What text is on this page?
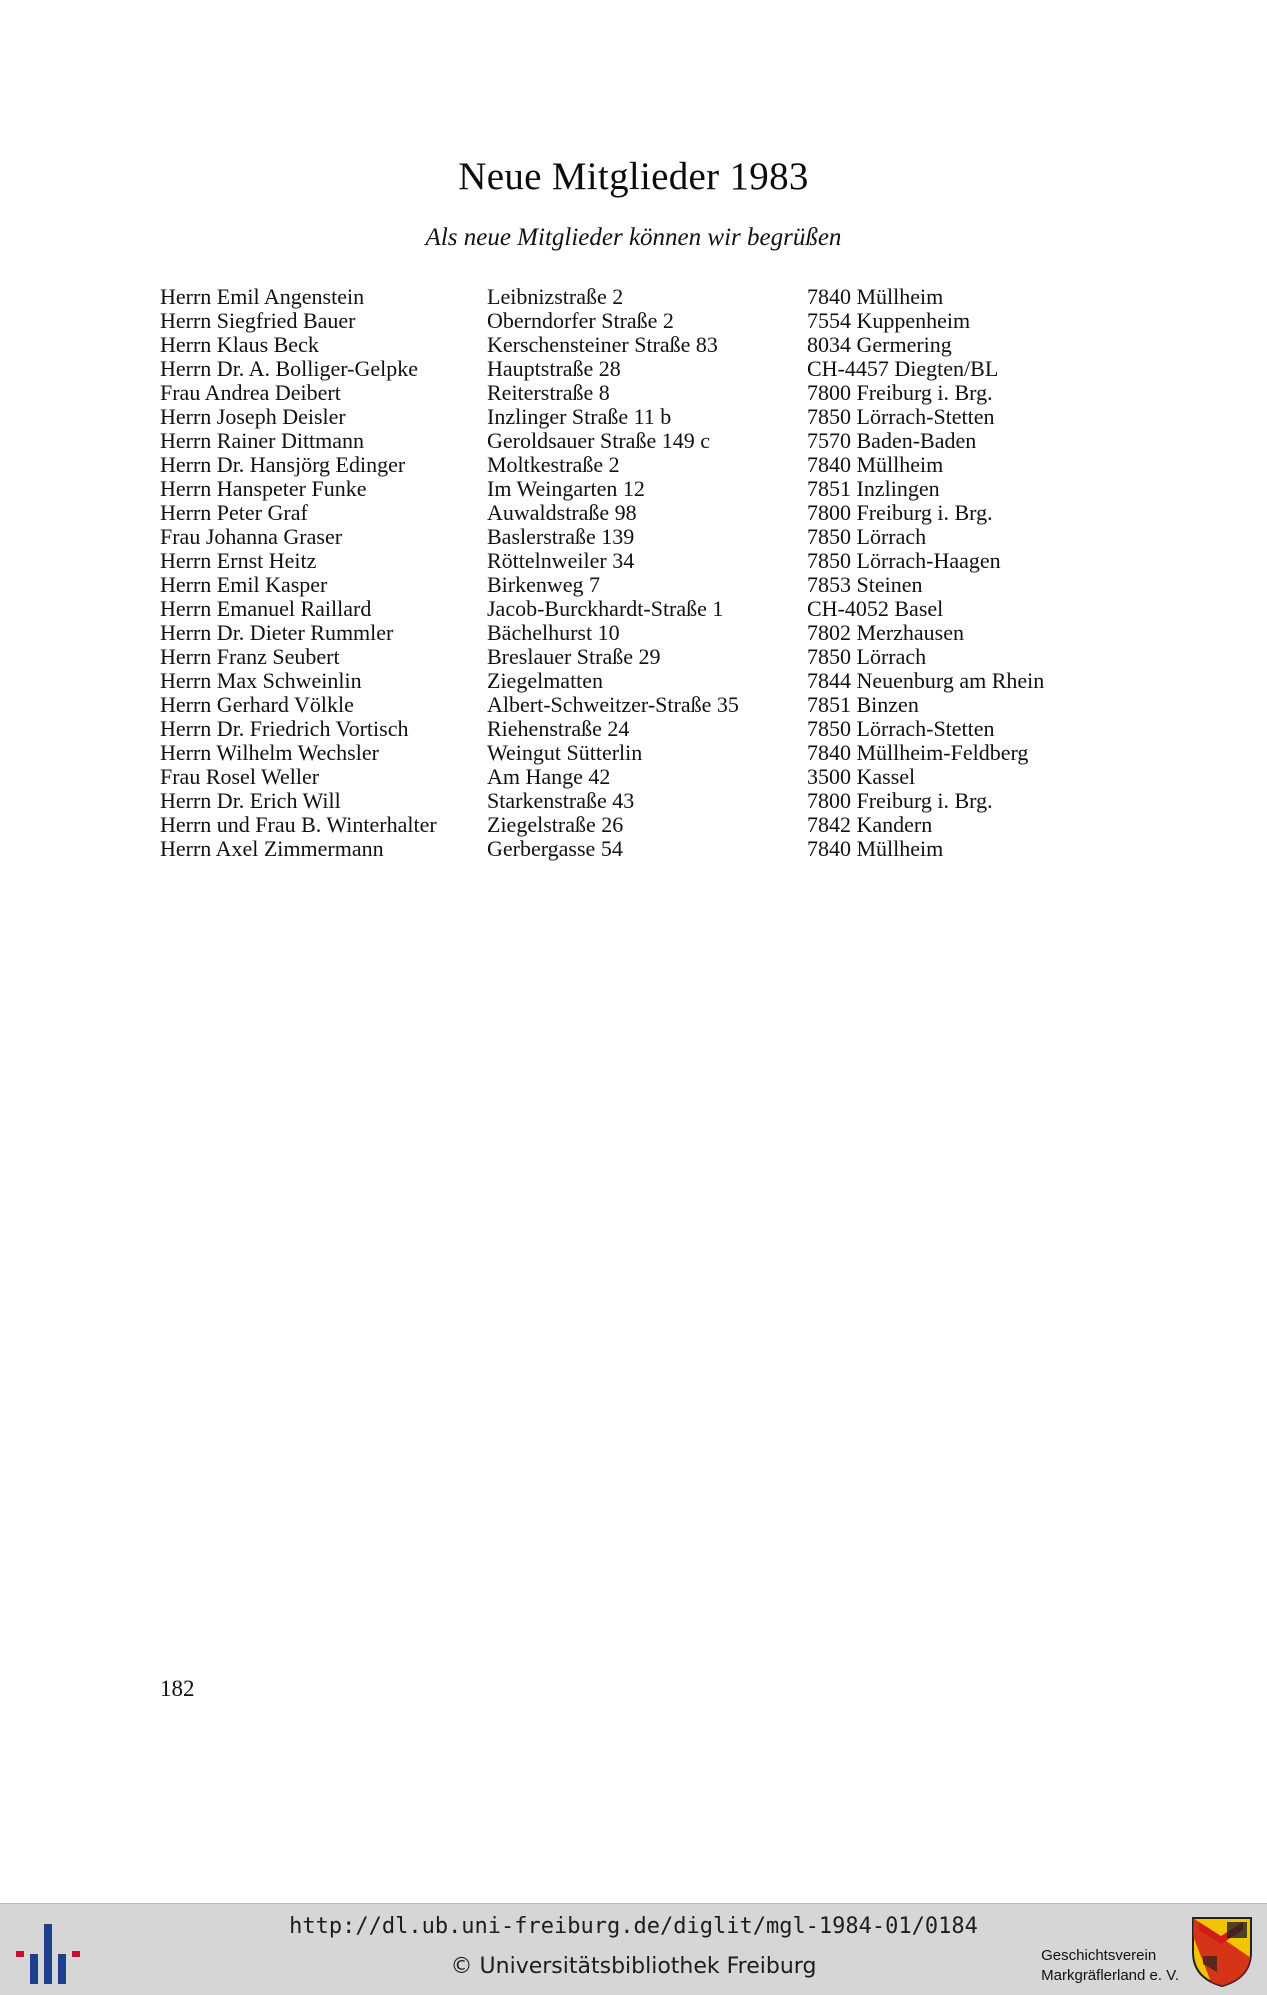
Neue Mitglieder 1983
Als neue Mitglieder können wir begrüßen
Herrn Emil Angenstein	Leibnizstraße 2	7840 Müllheim
Herrn Siegfried Bauer	Oberndorfer Straße 2	7554 Kuppenheim
Herrn Klaus Beck	Kerschensteiner Straße 83	8034 Germering
Herrn Dr. A. Bolliger-Gelpke	Hauptstraße 28	CH-4457 Diegten/BL
Frau Andrea Deibert	Reiterstraße 8	7800 Freiburg i. Brg.
Herrn Joseph Deisler	Inzlinger Straße 11 b	7850 Lörrach-Stetten
Herrn Rainer Dittmann	Geroldsauer Straße 149 c	7570 Baden-Baden
Herrn Dr. Hansjörg Edinger	Moltkestraße 2	7840 Müllheim
Herrn Hanspeter Funke	Im Weingarten 12	7851 Inzlingen
Herrn Peter Graf	Auwaldstraße 98	7800 Freiburg i. Brg.
Frau Johanna Graser	Baslerstraße 139	7850 Lörrach
Herrn Ernst Heitz	Röttelnweiler 34	7850 Lörrach-Haagen
Herrn Emil Kasper	Birkenweg 7	7853 Steinen
Herrn Emanuel Raillard	Jacob-Burckhardt-Straße 1	CH-4052 Basel
Herrn Dr. Dieter Rummler	Bächelhurst 10	7802 Merzhausen
Herrn Franz Seubert	Breslauer Straße 29	7850 Lörrach
Herrn Max Schweinlin	Ziegelmatten	7844 Neuenburg am Rhein
Herrn Gerhard Völkle	Albert-Schweitzer-Straße 35	7851 Binzen
Herrn Dr. Friedrich Vortisch	Riehenstraße 24	7850 Lörrach-Stetten
Herrn Wilhelm Wechsler	Weingut Sütterlin	7840 Müllheim-Feldberg
Frau Rosel Weller	Am Hange 42	3500 Kassel
Herrn Dr. Erich Will	Starkenstraße 43	7800 Freiburg i. Brg.
Herrn und Frau B. Winterhalter	Ziegelstraße 26	7842 Kandern
Herrn Axel Zimmermann	Gerbergasse 54	7840 Müllheim
182
http://dl.ub.uni-freiburg.de/diglit/mgl-1984-01/0184
© Universitätsbibliothek Freiburg	Geschichtsverein
Markgräflerland e. V.
